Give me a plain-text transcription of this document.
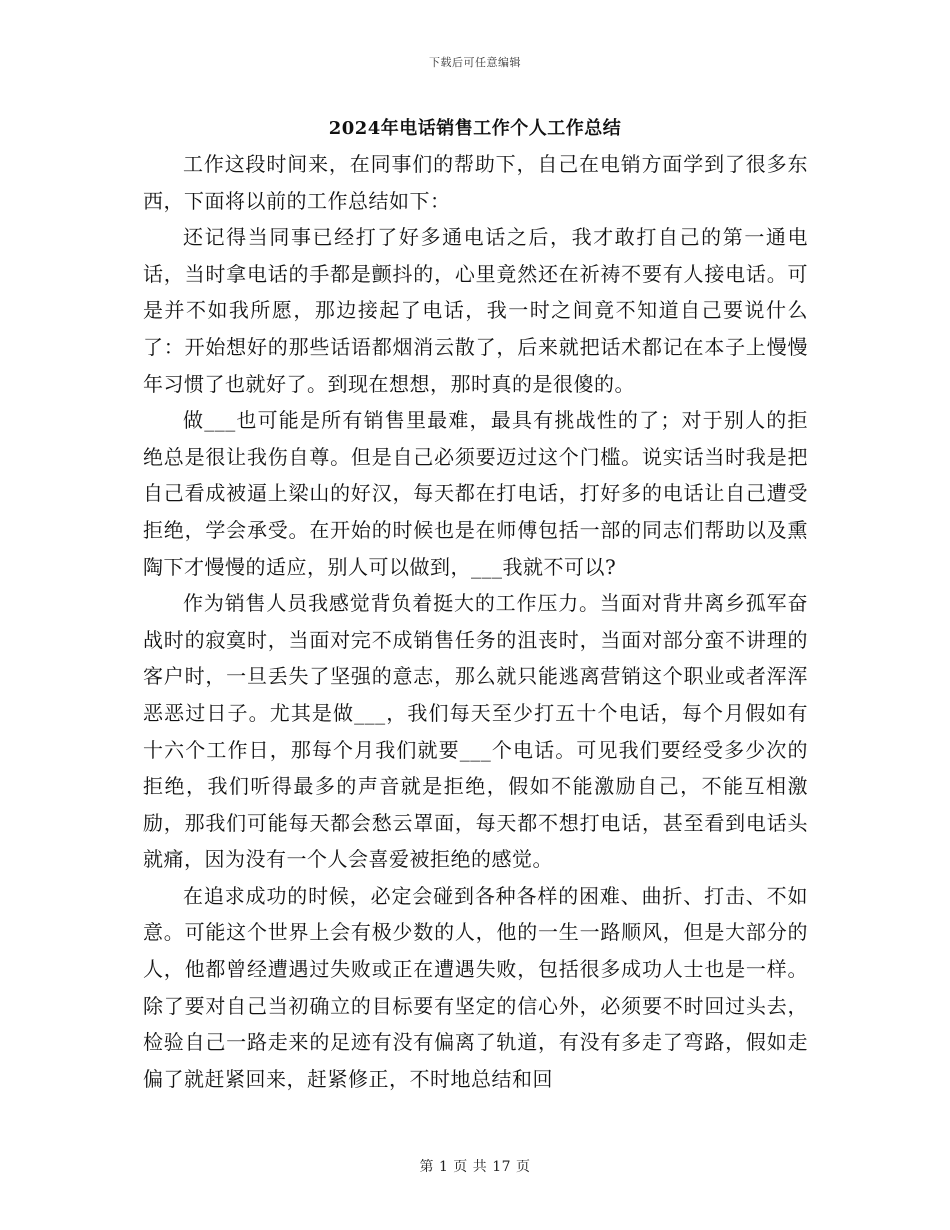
下载后可任意编辑
2024年电话销售工作个人工作总结

工作这段时间来，在同事们的帮助下，自己在电销方面学到了很多东西，下面将以前的工作总结如下：

还记得当同事已经打了好多通电话之后，我才敢打自己的第一通电话，当时拿电话的手都是颤抖的，心里竟然还在祈祷不要有人接电话。可是并不如我所愿，那边接起了电话，我一时之间竟不知道自己要说什么了：开始想好的那些话语都烟消云散了，后来就把话术都记在本子上慢慢年习惯了也就好了。到现在想想，那时真的是很傻的。

做___也可能是所有销售里最难，最具有挑战性的了；对于别人的拒绝总是很让我伤自尊。但是自己必须要迈过这个门槛。说实话当时我是把自己看成被逼上梁山的好汉，每天都在打电话，打好多的电话让自己遭受拒绝，学会承受。在开始的时候也是在师傅包括一部的同志们帮助以及熏陶下才慢慢的适应，别人可以做到，___我就不可以?

作为销售人员我感觉背负着挺大的工作压力。当面对背井离乡孤军奋战时的寂寞时，当面对完不成销售任务的沮丧时，当面对部分蛮不讲理的客户时，一旦丢失了坚强的意志，那么就只能逃离营销这个职业或者浑浑恶恶过日子。尤其是做___，我们每天至少打五十个电话，每个月假如有十六个工作日，那每个月我们就要___个电话。可见我们要经受多少次的拒绝，我们听得最多的声音就是拒绝，假如不能激励自己，不能互相激励，那我们可能每天都会愁云罩面，每天都不想打电话，甚至看到电话头就痛，因为没有一个人会喜爱被拒绝的感觉。

在追求成功的时候，必定会碰到各种各样的困难、曲折、打击、不如意。可能这个世界上会有极少数的人，他的一生一路顺风，但是大部分的人，他都曾经遭遇过失败或正在遭遇失败，包括很多成功人士也是一样。除了要对自己当初确立的目标要有坚定的信心外，必须要不时回过头去，检验自己一路走来的足迹有没有偏离了轨道，有没有多走了弯路，假如走偏了就赶紧回来，赶紧修正，不时地总结和回

第 1 页 共 17 页
